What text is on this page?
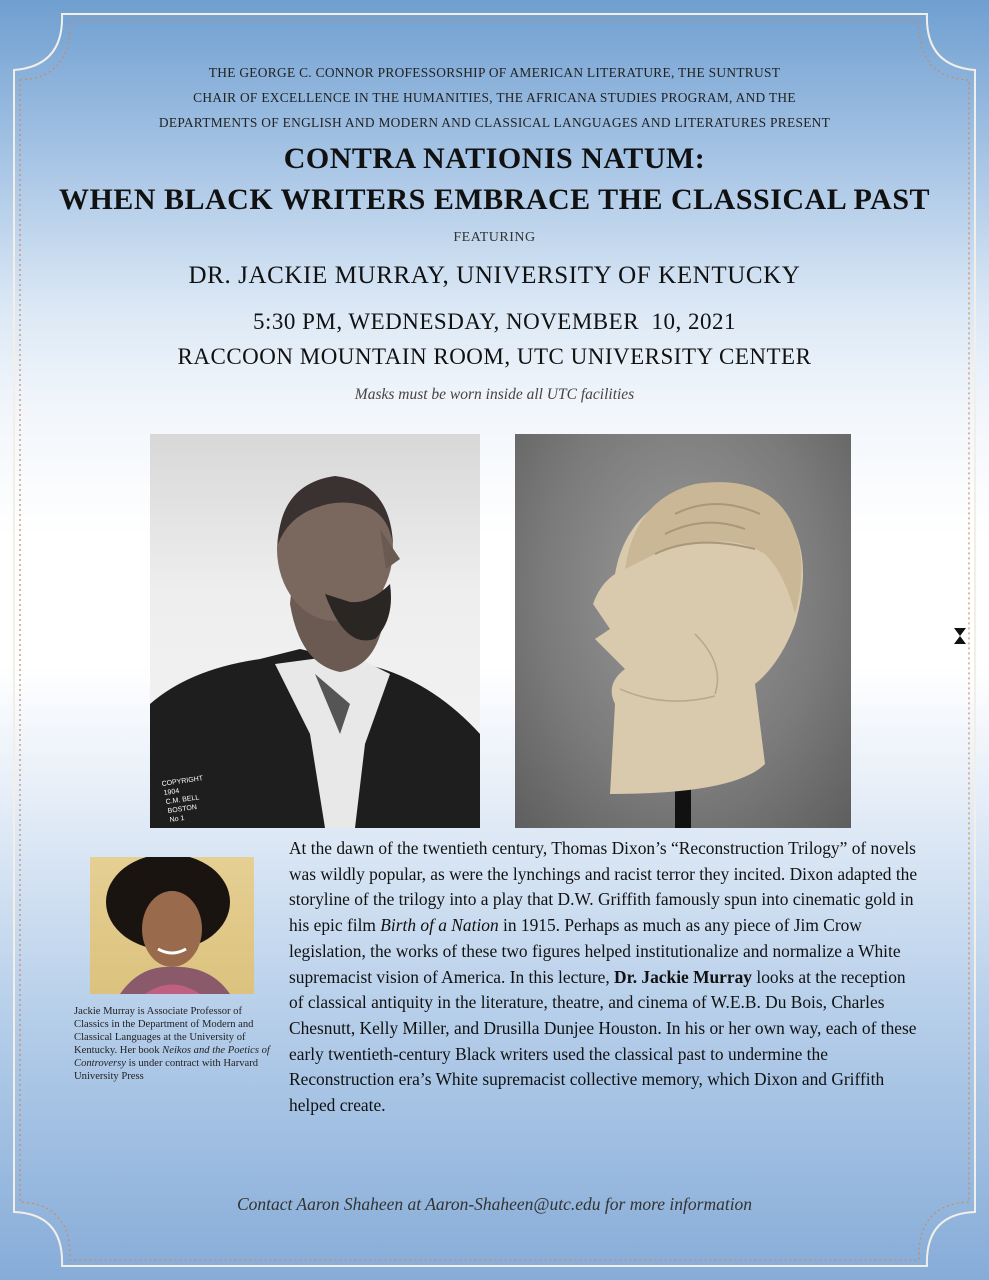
THE GEORGE C. CONNOR PROFESSORSHIP OF AMERICAN LITERATURE, THE SUNTRUST
CHAIR OF EXCELLENCE IN THE HUMANITIES, THE AFRICANA STUDIES PROGRAM, AND THE
DEPARTMENTS OF ENGLISH AND MODERN AND CLASSICAL LANGUAGES AND LITERATURES PRESENT
CONTRA NATIONIS NATUM:
WHEN BLACK WRITERS EMBRACE THE CLASSICAL PAST
FEATURING
DR. JACKIE MURRAY, UNIVERSITY OF KENTUCKY
5:30 PM, WEDNESDAY, NOVEMBER  10, 2021
RACCOON MOUNTAIN ROOM, UTC UNIVERSITY CENTER
Masks must be worn inside all UTC facilities
COPYRIGHT
1904
C.M. BELL
BOSTON
No 1
Jackie Murray is Associate Professor of Classics in the Department of Modern and Classical Languages at the University of Kentucky. Her book Neikos and the Poetics of Controversy is under contract with Harvard University Press
At the dawn of the twentieth century, Thomas Dixon’s “Reconstruction Trilogy” of novels was wildly popular, as were the lynchings and racist terror they incited. Dixon adapted the storyline of the trilogy into a play that D.W. Griffith famously spun into cinematic gold in his epic film Birth of a Nation in 1915. Perhaps as much as any piece of Jim Crow legislation, the works of these two figures helped institutionalize and normalize a White supremacist vision of America. In this lecture, Dr. Jackie Murray looks at the reception of classical antiquity in the literature, theatre, and cinema of W.E.B. Du Bois, Charles Chesnutt, Kelly Miller, and Drusilla Dunjee Houston. In his or her own way, each of these early twentieth-century Black writers used the classical past to undermine the Reconstruction era’s White supremacist collective memory, which Dixon and Griffith helped create.
Contact Aaron Shaheen at Aaron-Shaheen@utc.edu for more information
